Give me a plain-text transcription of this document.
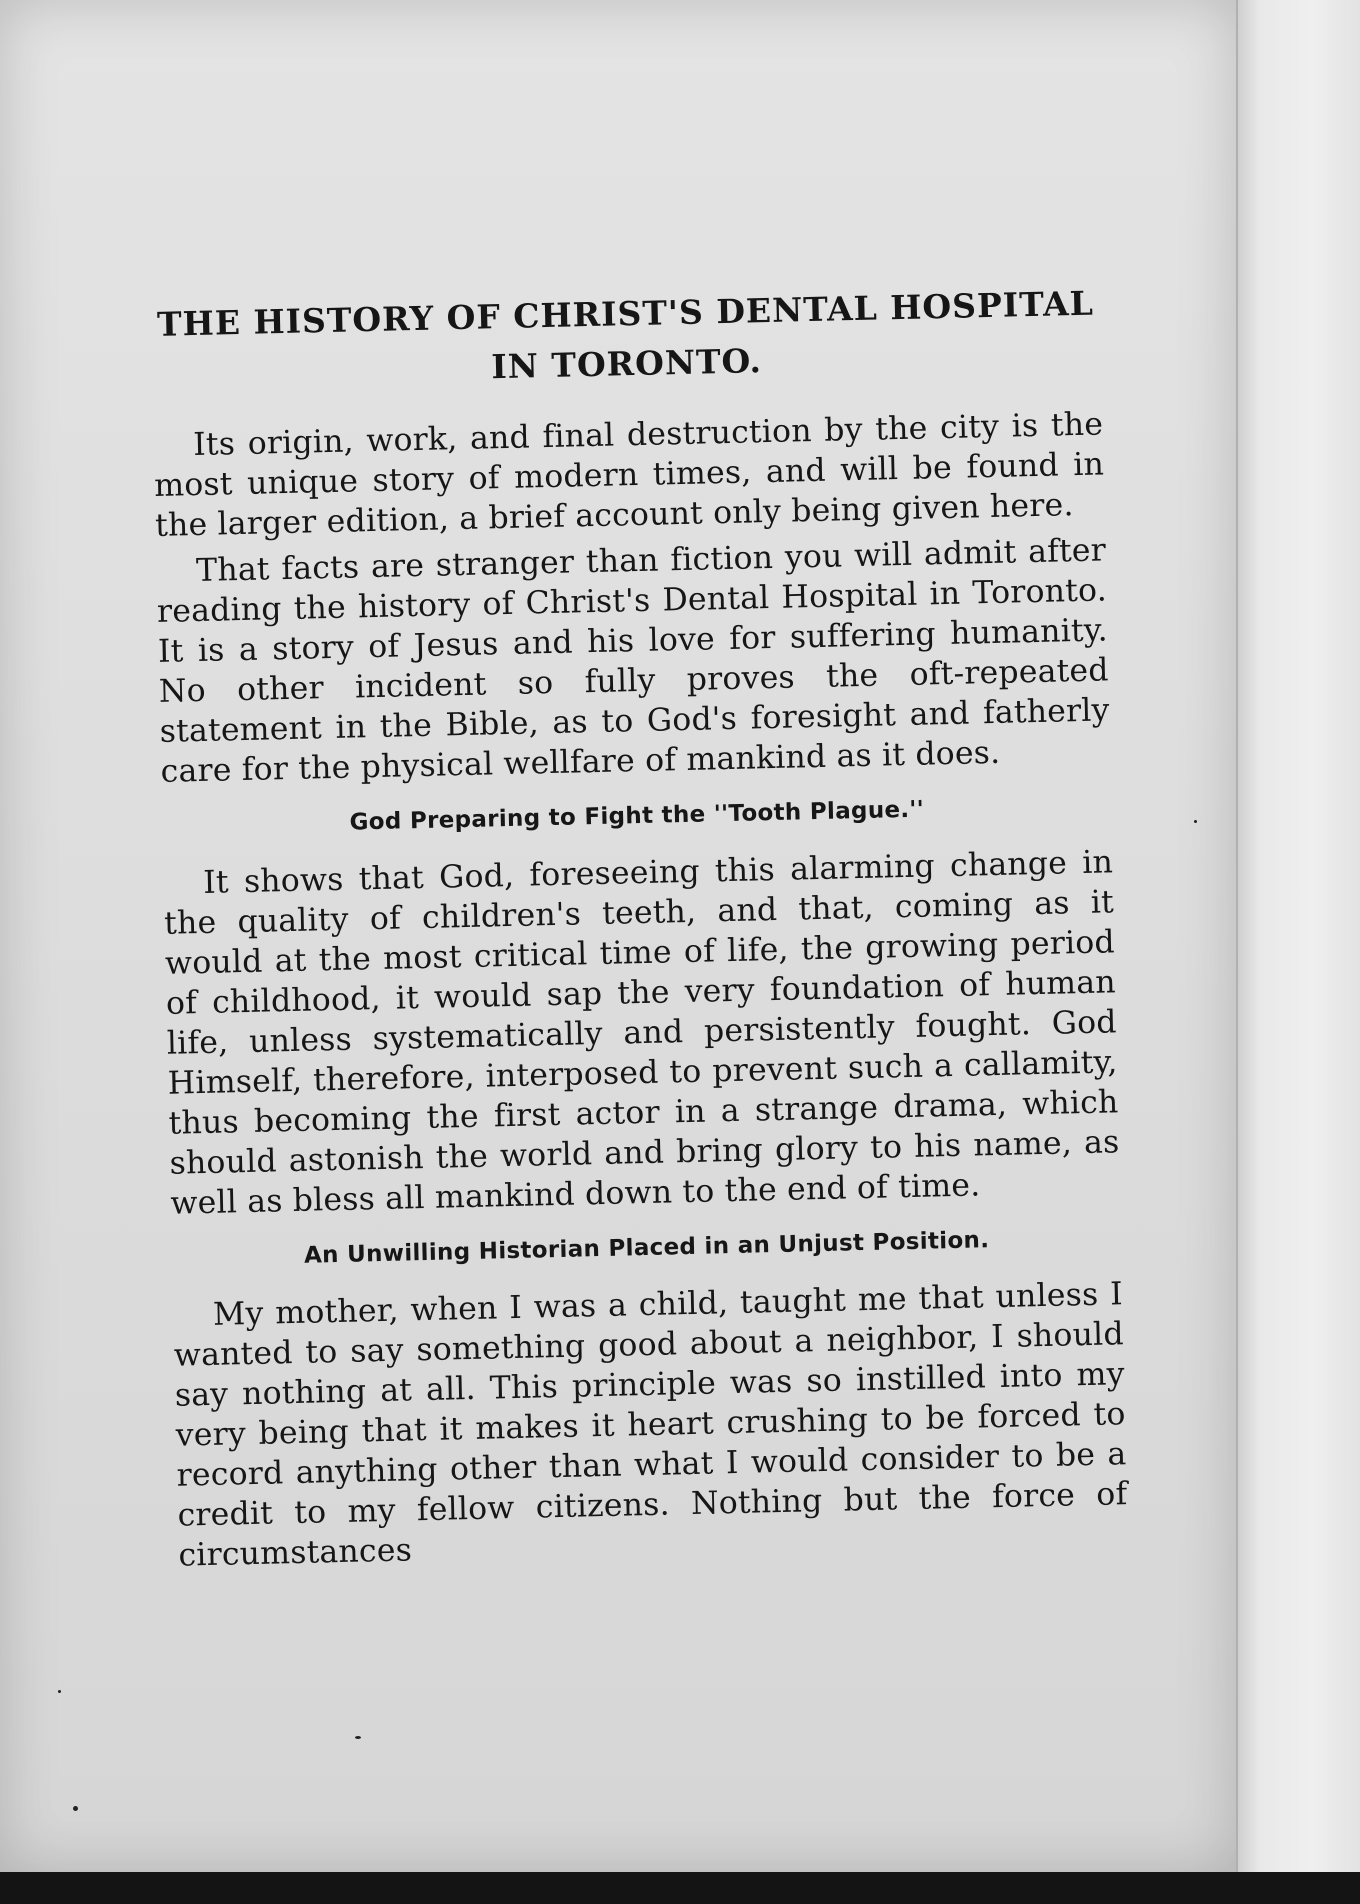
THE HISTORY OF CHRIST'S DENTAL HOSPITAL IN TORONTO.

Its origin, work, and final destruction by the city is the most unique story of modern times, and will be found in the larger edition, a brief account only being given here.

That facts are stranger than fiction you will admit after reading the history of Christ's Dental Hospital in Toronto. It is a story of Jesus and his love for suffering humanity. No other incident so fully proves the oft-repeated statement in the Bible, as to God's foresight and fatherly care for the physical wellfare of mankind as it does.

God Preparing to Fight the ''Tooth Plague.''

It shows that God, foreseeing this alarming change in the quality of children's teeth, and that, coming as it would at the most critical time of life, the growing period of childhood, it would sap the very foundation of human life, unless systematically and persistently fought. God Himself, therefore, interposed to prevent such a callamity, thus becoming the first actor in a strange drama, which should astonish the world and bring glory to his name, as well as bless all mankind down to the end of time.

An Unwilling Historian Placed in an Unjust Position.

My mother, when I was a child, taught me that unless I wanted to say something good about a neighbor, I should say nothing at all. This principle was so instilled into my very being that it makes it heart crushing to be forced to record anything other than what I would consider to be a credit to my fellow citizens. Nothing but the force of circumstances
